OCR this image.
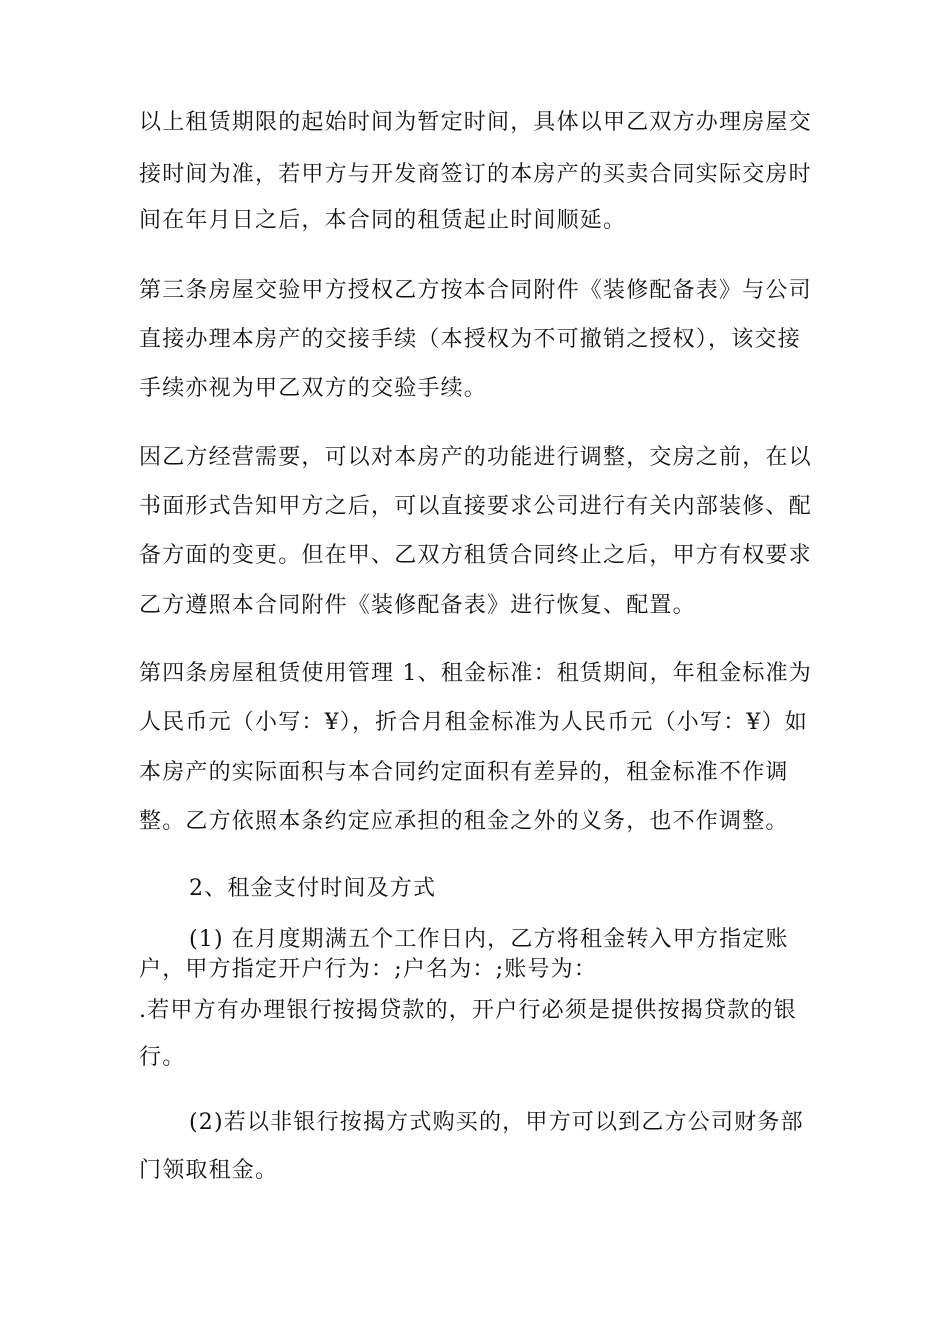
以上租赁期限的起始时间为暂定时间，具体以甲乙双方办理房屋交
接时间为准，若甲方与开发商签订的本房产的买卖合同实际交房时
间在年月日之后，本合同的租赁起止时间顺延。
第三条房屋交验甲方授权乙方按本合同附件《装修配备表》与公司
直接办理本房产的交接手续（本授权为不可撤销之授权），该交接
手续亦视为甲乙双方的交验手续。
因乙方经营需要，可以对本房产的功能进行调整，交房之前，在以
书面形式告知甲方之后，可以直接要求公司进行有关内部装修、配
备方面的变更。但在甲、乙双方租赁合同终止之后，甲方有权要求
乙方遵照本合同附件《装修配备表》进行恢复、配置。
第四条房屋租赁使用管理 1、租金标准：租赁期间，年租金标准为
人民币元（小写：¥），折合月租金标准为人民币元（小写：¥）如
本房产的实际面积与本合同约定面积有差异的，租金标准不作调
整。乙方依照本条约定应承担的租金之外的义务，也不作调整。
2、租金支付时间及方式
(1) 在月度期满五个工作日内，乙方将租金转入甲方指定账
户，甲方指定开户行为：;户名为：;账号为：
.若甲方有办理银行按揭贷款的，开户行必须是提供按揭贷款的银
行。
(2)若以非银行按揭方式购买的，甲方可以到乙方公司财务部
门领取租金。
